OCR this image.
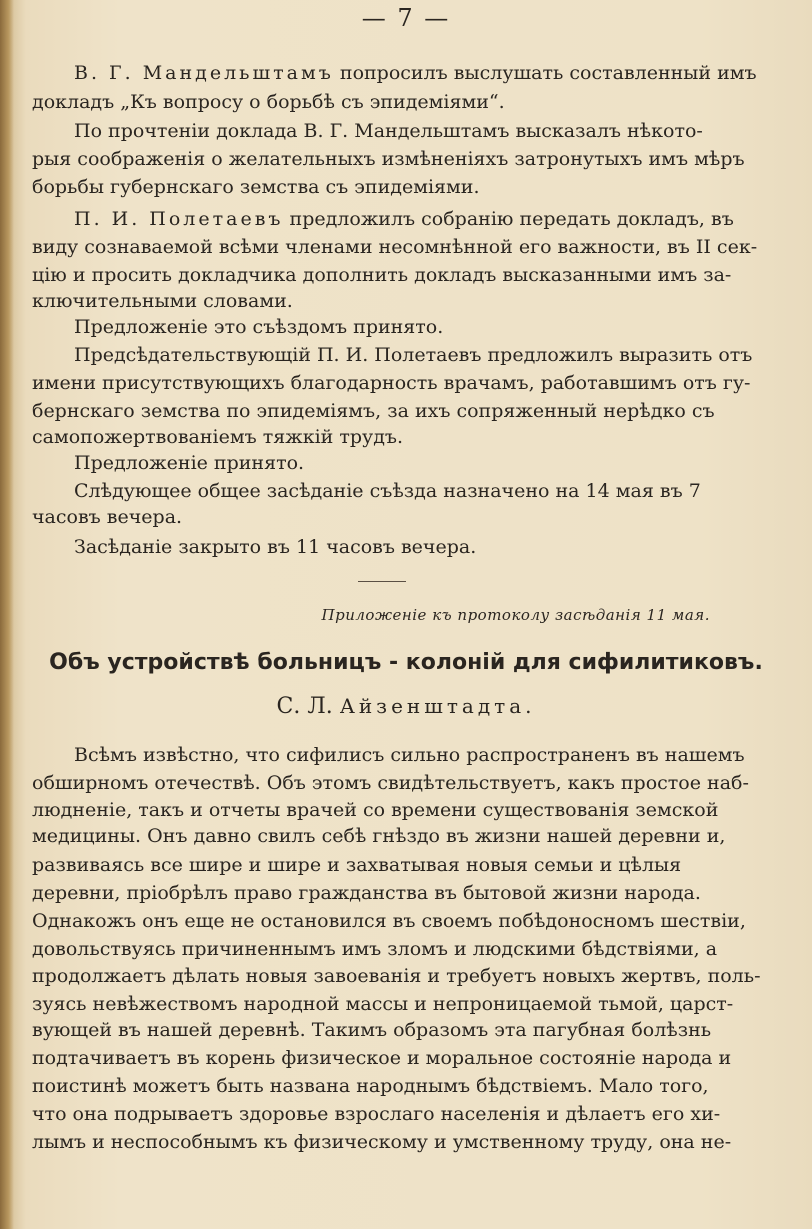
— 7 —
В. Г. Мандельштамъ попросилъ выслушать составленный имъ
докладъ „Къ вопросу о борьбѣ съ эпидеміями“.
По прочтеніи доклада В. Г. Мандельштамъ высказалъ нѣкото-
рыя соображенія о желательныхъ измѣненіяхъ затронутыхъ имъ мѣръ
борьбы губернскаго земства съ эпидеміями.
П. И. Полетаевъ предложилъ собранію передать докладъ, въ
виду сознаваемой всѣми членами несомнѣнной его важности, въ II сек-
цію и просить докладчика дополнить докладъ высказанными имъ за-
ключительными словами.
Предложеніе это съѣздомъ принято.
Предсѣдательствующій П. И. Полетаевъ предложилъ выразить отъ
имени присутствующихъ благодарность врачамъ, работавшимъ отъ гу-
бернскаго земства по эпидеміямъ, за ихъ сопряженный нерѣдко съ
самопожертвованіемъ тяжкій трудъ.
Предложеніе принято.
Слѣдующее общее засѣданіе съѣзда назначено на 14 мая въ 7
часовъ вечера.
Засѣданіе закрыто въ 11 часовъ вечера.
Приложеніе къ протоколу засѣданія 11 мая.
Объ устройствѣ больницъ - колоній для сифилитиковъ.
С. Л. Айзенштадта.
Всѣмъ извѣстно, что сифилисъ сильно распространенъ въ нашемъ
обширномъ отечествѣ. Объ этомъ свидѣтельствуетъ, какъ простое наб-
людненіе, такъ и отчеты врачей со времени существованія земской
медицины. Онъ давно свилъ себѣ гнѣздо въ жизни нашей деревни и,
развиваясь все шире и шире и захватывая новыя семьи и цѣлыя
деревни, пріобрѣлъ право гражданства въ бытовой жизни народа.
Однакожъ онъ еще не остановился въ своемъ побѣдоносномъ шествіи,
довольствуясь причиненнымъ имъ зломъ и людскими бѣдствіями, а
продолжаетъ дѣлать новыя завоеванія и требуетъ новыхъ жертвъ, поль-
зуясь невѣжествомъ народной массы и непроницаемой тьмой, царст-
вующей въ нашей деревнѣ. Такимъ образомъ эта пагубная болѣзнь
подтачиваетъ въ корень физическое и моральное состояніе народа и
поистинѣ можетъ быть названа народнымъ бѣдствіемъ. Мало того,
что она подрываетъ здоровье взрослаго населенія и дѣлаетъ его хи-
лымъ и неспособнымъ къ физическому и умственному труду, она не-
